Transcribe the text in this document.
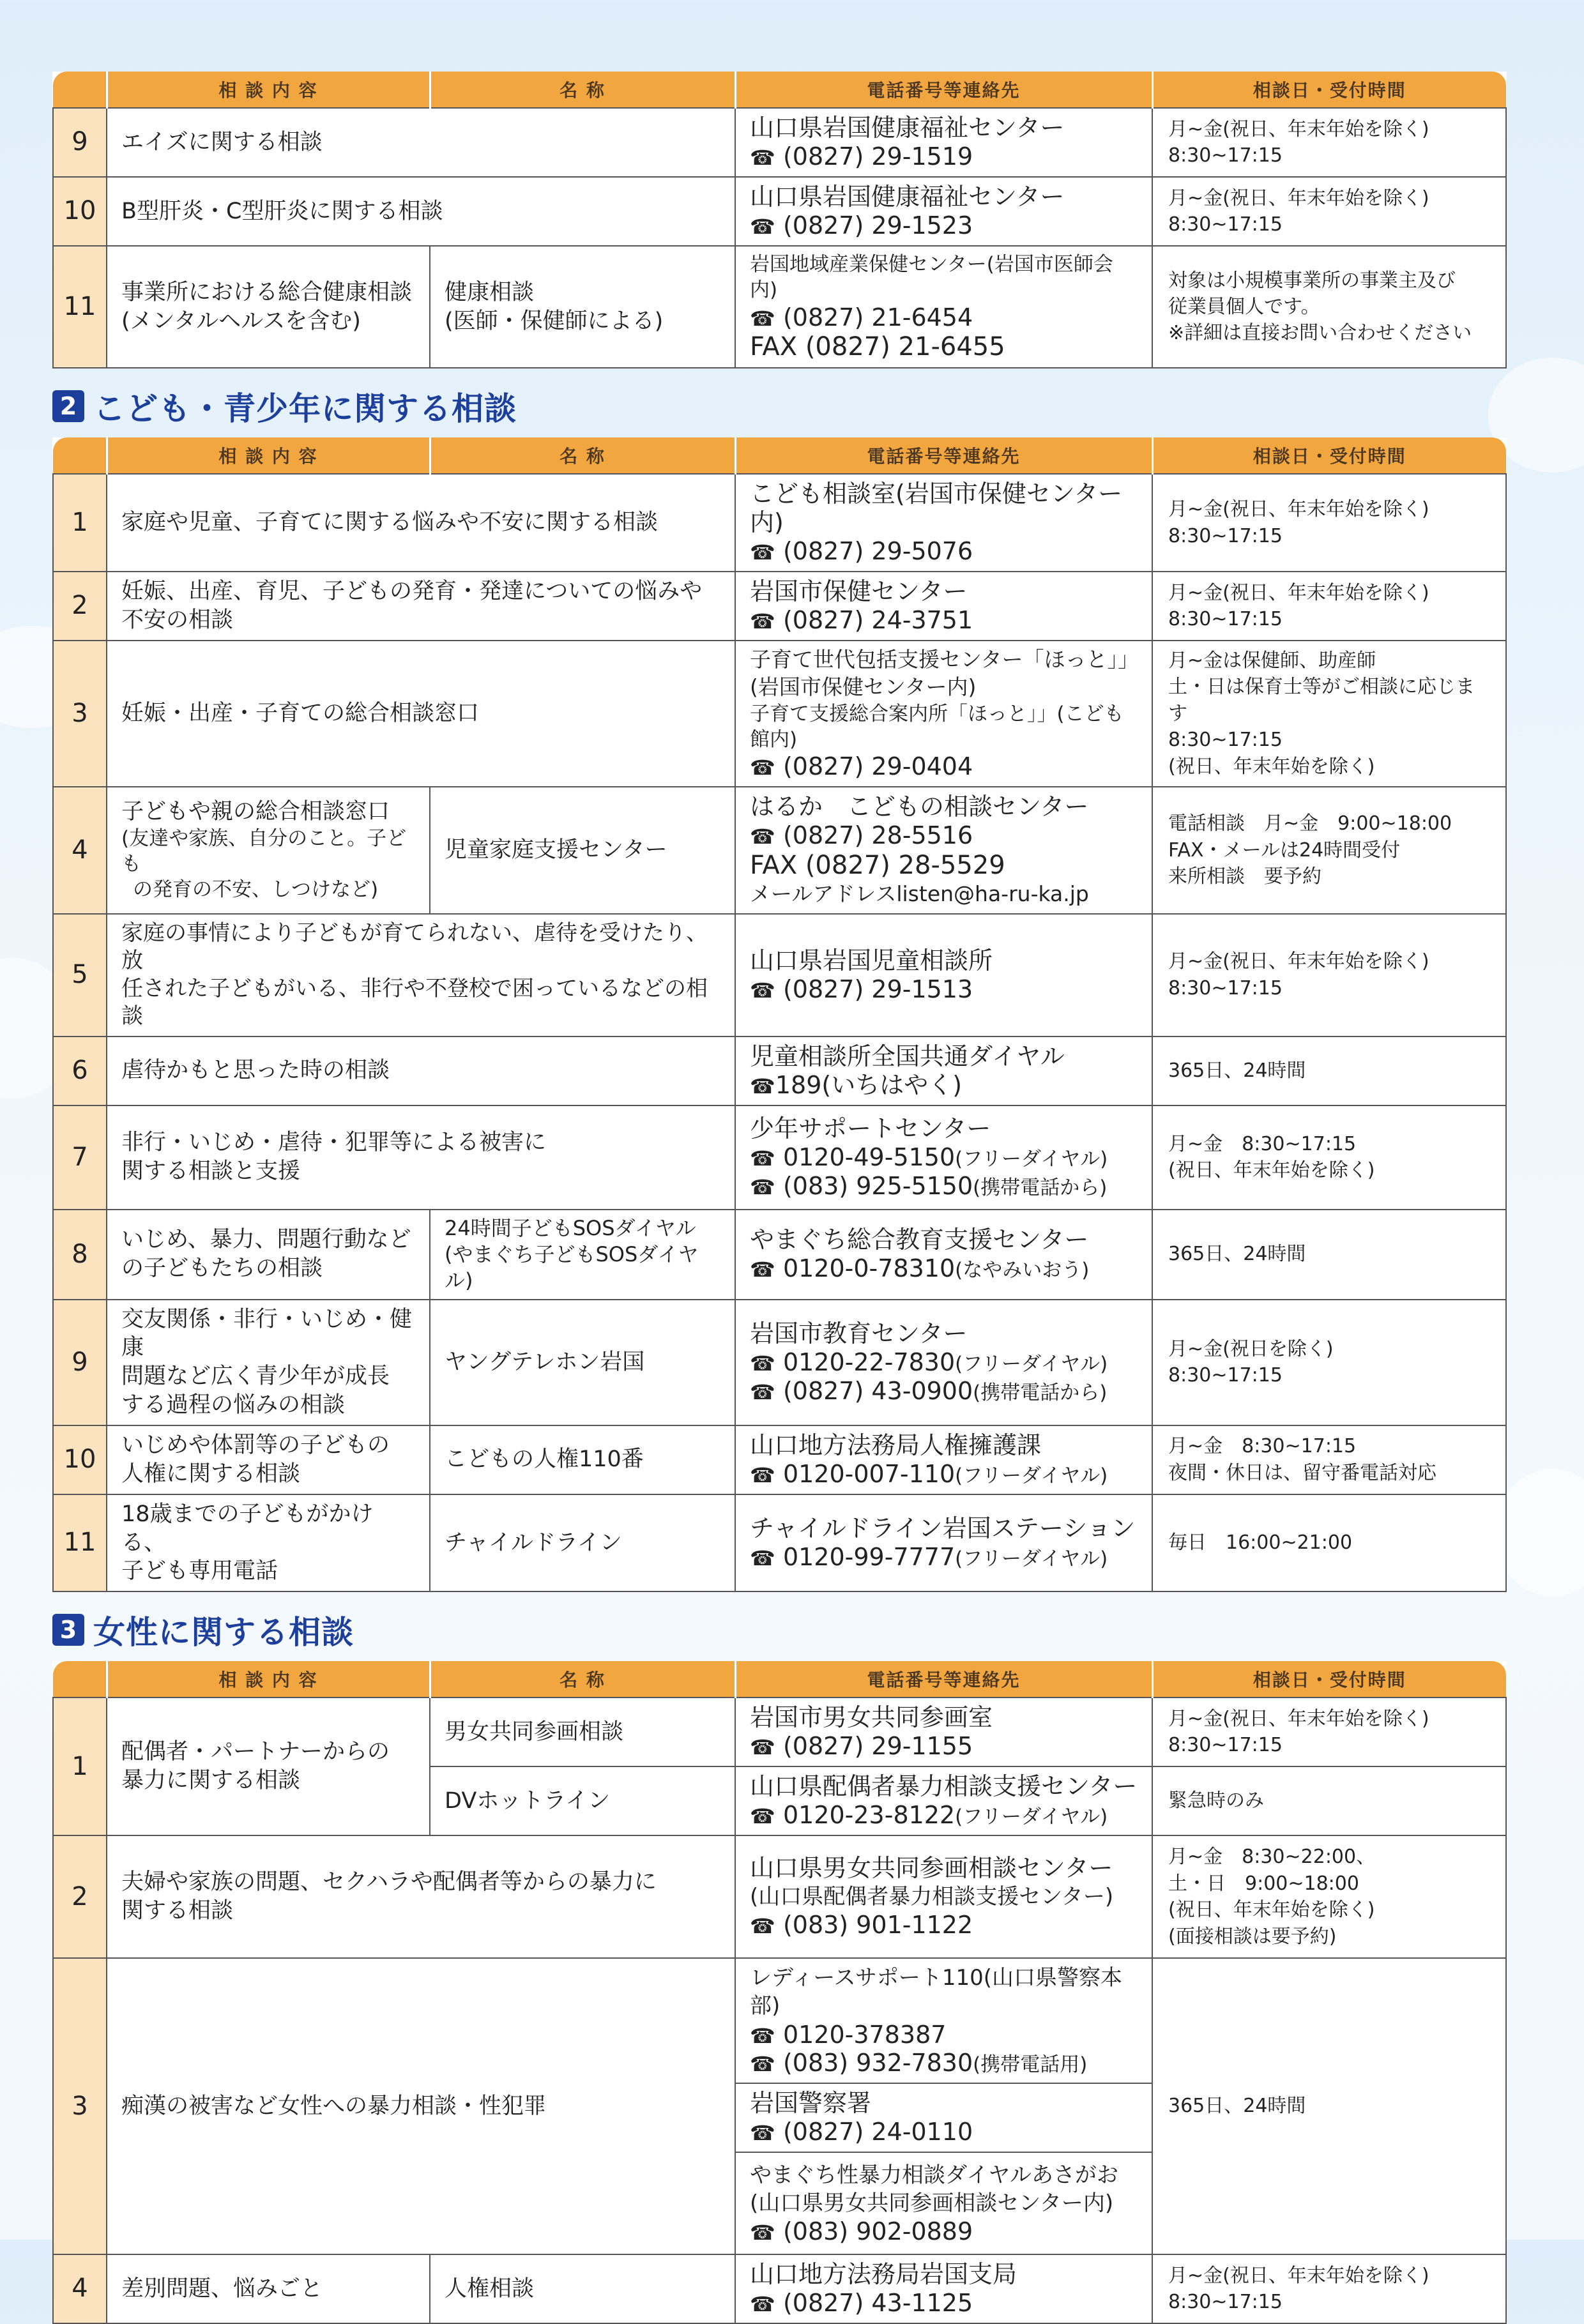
	相 談 内 容	名 称	電話番号等連絡先	相談日・受付時間
9	エイズに関する相談		山口県岩国健康福祉センター
☎ (0827) 29-1519	月~金(祝日、年末年始を除く)
8:30~17:15

10	B型肝炎・C型肝炎に関する相談		山口県岩国健康福祉センター
☎ (0827) 29-1523	月~金(祝日、年末年始を除く)
8:30~17:15

11	事業所における総合健康相談
(メンタルヘルスを含む)	健康相談
(医師・保健師による)	岩国地域産業保健センター(岩国市医師会内)
☎ (0827) 21-6454
FAX (0827) 21-6455	対象は小規模事業所の事業主及び
従業員個人です。
※詳細は直接お問い合わせください
2 こども・青少年に関する相談
	相 談 内 容	名 称	電話番号等連絡先	相談日・受付時間
1	家庭や児童、子育てに関する悩みや不安に関する相談		こども相談室(岩国市保健センター内)
☎ (0827) 29-5076	月~金(祝日、年末年始を除く)
8:30~17:15

2	妊娠、出産、育児、子どもの発育・発達についての悩みや
不安の相談		岩国市保健センター
☎ (0827) 24-3751	月~金(祝日、年末年始を除く)
8:30~17:15

3	妊娠・出産・子育ての総合相談窓口		子育て世代包括支援センター「ほっと」」
(岩国市保健センター内)
子育て支援総合案内所「ほっと」」(こども館内)
☎ (0827) 29-0404	月~金は保健師、助産師
土・日は保育士等がご相談に応じます
8:30~17:15
(祝日、年末年始を除く)

4	子どもや親の総合相談窓口
(友達や家族、自分のこと。子ども
の発育の不安、しつけなど)	児童家庭支援センター	はるか　こどもの相談センター
☎ (0827) 28-5516
FAX (0827) 28-5529
メールアドレスlisten@ha-ru-ka.jp	電話相談　月~金　9:00~18:00
FAX・メールは24時間受付
来所相談　要予約

5	家庭の事情により子どもが育てられない、虐待を受けたり、放
任された子どもがいる、非行や不登校で困っているなどの相談		山口県岩国児童相談所
☎ (0827) 29-1513	月~金(祝日、年末年始を除く)
8:30~17:15

6	虐待かもと思った時の相談		児童相談所全国共通ダイヤル
☎189(いちはやく)	365日、24時間
7	非行・いじめ・虐待・犯罪等による被害に
関する相談と支援		少年サポートセンター
☎ 0120-49-5150(フリーダイヤル)
☎ (083) 925-5150(携帯電話から)	月~金　8:30~17:15
(祝日、年末年始を除く)

8	いじめ、暴力、問題行動など
の子どもたちの相談	24時間子どもSOSダイヤル
(やまぐち子どもSOSダイヤル)	やまぐち総合教育支援センター
☎ 0120-0-78310(なやみいおう)	365日、24時間
9	交友関係・非行・いじめ・健康
問題など広く青少年が成長
する過程の悩みの相談	ヤングテレホン岩国	岩国市教育センター
☎ 0120-22-7830(フリーダイヤル)
☎ (0827) 43-0900(携帯電話から)	月~金(祝日を除く)
8:30~17:15

10	いじめや体罰等の子どもの
人権に関する相談	こどもの人権110番	山口地方法務局人権擁護課
☎ 0120-007-110(フリーダイヤル)	月~金　8:30~17:15
夜間・休日は、留守番電話対応

11	18歳までの子どもがかける、
子ども専用電話	チャイルドライン	チャイルドライン岩国ステーション
☎ 0120-99-7777(フリーダイヤル)	毎日　16:00~21:00
3 女性に関する相談
	相 談 内 容	名 称	電話番号等連絡先	相談日・受付時間
1	配偶者・パートナーからの
暴力に関する相談	男女共同参画相談	岩国市男女共同参画室
☎ (0827) 29-1155	月~金(祝日、年末年始を除く)
8:30~17:15

		DVホットライン	山口県配偶者暴力相談支援センター
☎ 0120-23-8122(フリーダイヤル)	緊急時のみ
2	夫婦や家族の問題、セクハラや配偶者等からの暴力に
関する相談		山口県男女共同参画相談センター
(山口県配偶者暴力相談支援センター)
☎ (083) 901-1122	月~金　8:30~22:00、
土・日　9:00~18:00
(祝日、年末年始を除く)
(面接相談は要予約)

3	痴漢の被害など女性への暴力相談・性犯罪		レディースサポート110(山口県警察本部)
☎ 0120-378387
☎ (083) 932-7830(携帯電話用)	365日、24時間

			岩国警察署
☎ (0827) 24-0110	

			やまぐち性暴力相談ダイヤルあさがお
(山口県男女共同参画相談センター内)
☎ (083) 902-0889	

4	差別問題、悩みごと	人権相談	山口地方法務局岩国支局
☎ (0827) 43-1125	月~金(祝日、年末年始を除く)
8:30~17:15
